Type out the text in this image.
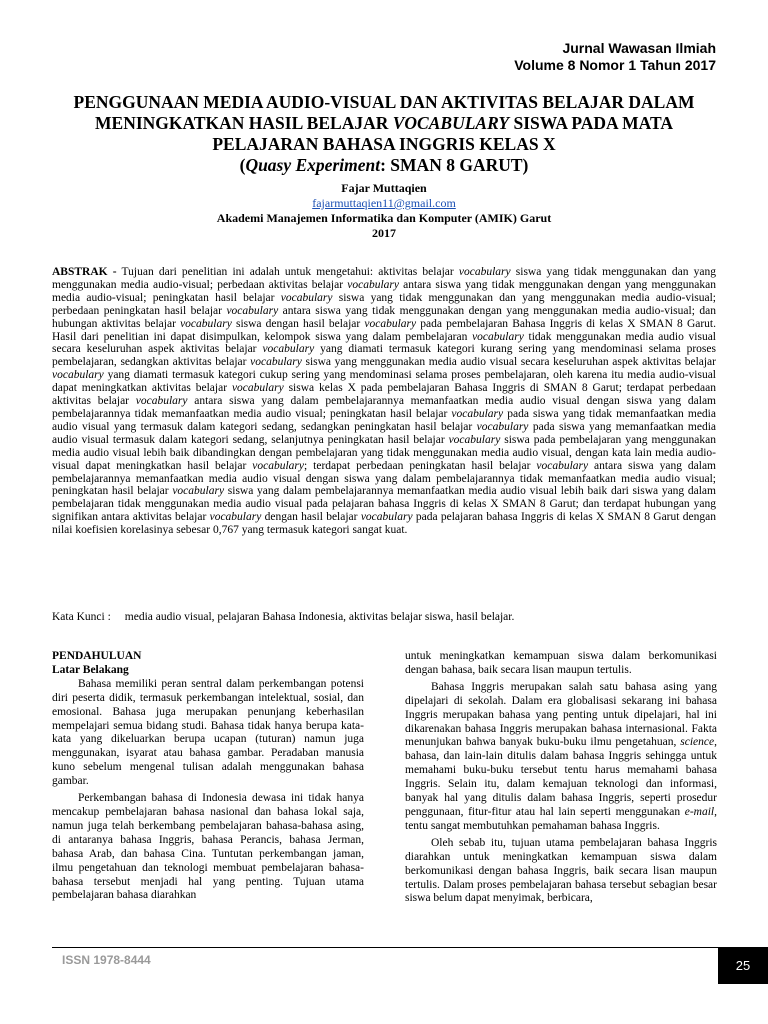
Jurnal Wawasan Ilmiah
Volume 8 Nomor 1 Tahun 2017
PENGGUNAAN MEDIA AUDIO-VISUAL DAN AKTIVITAS BELAJAR DALAM
MENINGKATKAN HASIL BELAJAR VOCABULARY SISWA PADA MATA
PELAJARAN BAHASA INGGRIS KELAS X
(Quasy Experiment: SMAN 8 GARUT)
Fajar Muttaqien
fajarmuttaqien11@gmail.com
Akademi Manajemen Informatika dan Komputer (AMIK) Garut
2017
ABSTRAK - Tujuan dari penelitian ini adalah untuk mengetahui: aktivitas belajar vocabulary siswa yang tidak menggunakan dan yang menggunakan media audio-visual; perbedaan aktivitas belajar vocabulary antara siswa yang tidak menggunakan dengan yang menggunakan media audio-visual; peningkatan hasil belajar vocabulary siswa yang tidak menggunakan dan yang menggunakan media audio-visual; perbedaan peningkatan hasil belajar vocabulary antara siswa yang tidak menggunakan dengan yang menggunakan media audio-visual; dan hubungan aktivitas belajar vocabulary siswa dengan hasil belajar vocabulary pada pembelajaran Bahasa Inggris di kelas X SMAN 8 Garut. Hasil dari penelitian ini dapat disimpulkan, kelompok siswa yang dalam pembelajaran vocabulary tidak menggunakan media audio visual secara keseluruhan aspek aktivitas belajar vocabulary yang diamati termasuk kategori kurang sering yang mendominasi selama proses pembelajaran, sedangkan aktivitas belajar vocabulary siswa yang menggunakan media audio visual secara keseluruhan aspek aktivitas belajar vocabulary yang diamati termasuk kategori cukup sering yang mendominasi selama proses pembelajaran, oleh karena itu media audio-visual dapat meningkatkan aktivitas belajar vocabulary siswa kelas X pada pembelajaran Bahasa Inggris di SMAN 8 Garut; terdapat perbedaan aktivitas belajar vocabulary antara siswa yang dalam pembelajarannya memanfaatkan media audio visual dengan siswa yang dalam pembelajarannya tidak memanfaatkan media audio visual; peningkatan hasil belajar vocabulary pada siswa yang tidak memanfaatkan media audio visual yang termasuk dalam kategori sedang, sedangkan peningkatan hasil belajar vocabulary pada siswa yang memanfaatkan media audio visual termasuk dalam kategori sedang, selanjutnya peningkatan hasil belajar vocabulary siswa pada pembelajaran yang menggunakan media audio visual lebih baik dibandingkan dengan pembelajaran yang tidak menggunakan media audio visual, dengan kata lain media audio-visual dapat meningkatkan hasil belajar vocabulary; terdapat perbedaan peningkatan hasil belajar vocabulary antara siswa yang dalam pembelajarannya memanfaatkan media audio visual dengan siswa yang dalam pembelajarannya tidak memanfaatkan media audio visual; peningkatan hasil belajar vocabulary siswa yang dalam pembelajarannya memanfaatkan media audio visual lebih baik dari siswa yang dalam pembelajaran tidak menggunakan media audio visual pada pelajaran bahasa Inggris di kelas X SMAN 8 Garut; dan terdapat hubungan yang signifikan antara aktivitas belajar vocabulary dengan hasil belajar vocabulary pada pelajaran bahasa Inggris di kelas X SMAN 8 Garut dengan nilai koefisien korelasinya sebesar 0,767 yang termasuk kategori sangat kuat.
Kata Kunci : media audio visual, pelajaran Bahasa Indonesia, aktivitas belajar siswa, hasil belajar.
PENDAHULUAN
Latar Belakang

Bahasa memiliki peran sentral dalam perkembangan potensi diri peserta didik, termasuk perkembangan intelektual, sosial, dan emosional. Bahasa juga merupakan penunjang keberhasilan mempelajari semua bidang studi. Bahasa tidak hanya berupa kata-kata yang dikeluarkan berupa ucapan (tuturan) namun juga menggunakan, isyarat atau bahasa gambar. Peradaban manusia kuno sebelum mengenal tulisan adalah menggunakan bahasa gambar.

Perkembangan bahasa di Indonesia dewasa ini tidak hanya mencakup pembelajaran bahasa nasional dan bahasa lokal saja, namun juga telah berkembang pembelajaran bahasa-bahasa asing, di antaranya bahasa Inggris, bahasa Perancis, bahasa Jerman, bahasa Arab, dan bahasa Cina. Tuntutan perkembangan jaman, ilmu pengetahuan dan teknologi membuat pembelajaran bahasa-bahasa tersebut menjadi hal yang penting. Tujuan utama pembelajaran bahasa diarahkan

untuk meningkatkan kemampuan siswa dalam berkomunikasi dengan bahasa, baik secara lisan maupun tertulis.

Bahasa Inggris merupakan salah satu bahasa asing yang dipelajari di sekolah. Dalam era globalisasi sekarang ini bahasa Inggris merupakan bahasa yang penting untuk dipelajari, hal ini dikarenakan bahasa Inggris merupakan bahasa internasional. Fakta menunjukan bahwa banyak buku-buku ilmu pengetahuan, science, bahasa, dan lain-lain ditulis dalam bahasa Inggris sehingga untuk memahami buku-buku tersebut tentu harus memahami bahasa Inggris. Selain itu, dalam kemajuan teknologi dan informasi, banyak hal yang ditulis dalam bahasa Inggris, seperti prosedur penggunaan, fitur-fitur atau hal lain seperti menggunakan e-mail, tentu sangat membutuhkan pemahaman bahasa Inggris.

Oleh sebab itu, tujuan utama pembelajaran bahasa Inggris diarahkan untuk meningkatkan kemampuan siswa dalam berkomunikasi dengan bahasa Inggris, baik secara lisan maupun tertulis. Dalam proses pembelajaran bahasa tersebut sebagian besar siswa belum dapat menyimak, berbicara,

ISSN 1978-8444	25
